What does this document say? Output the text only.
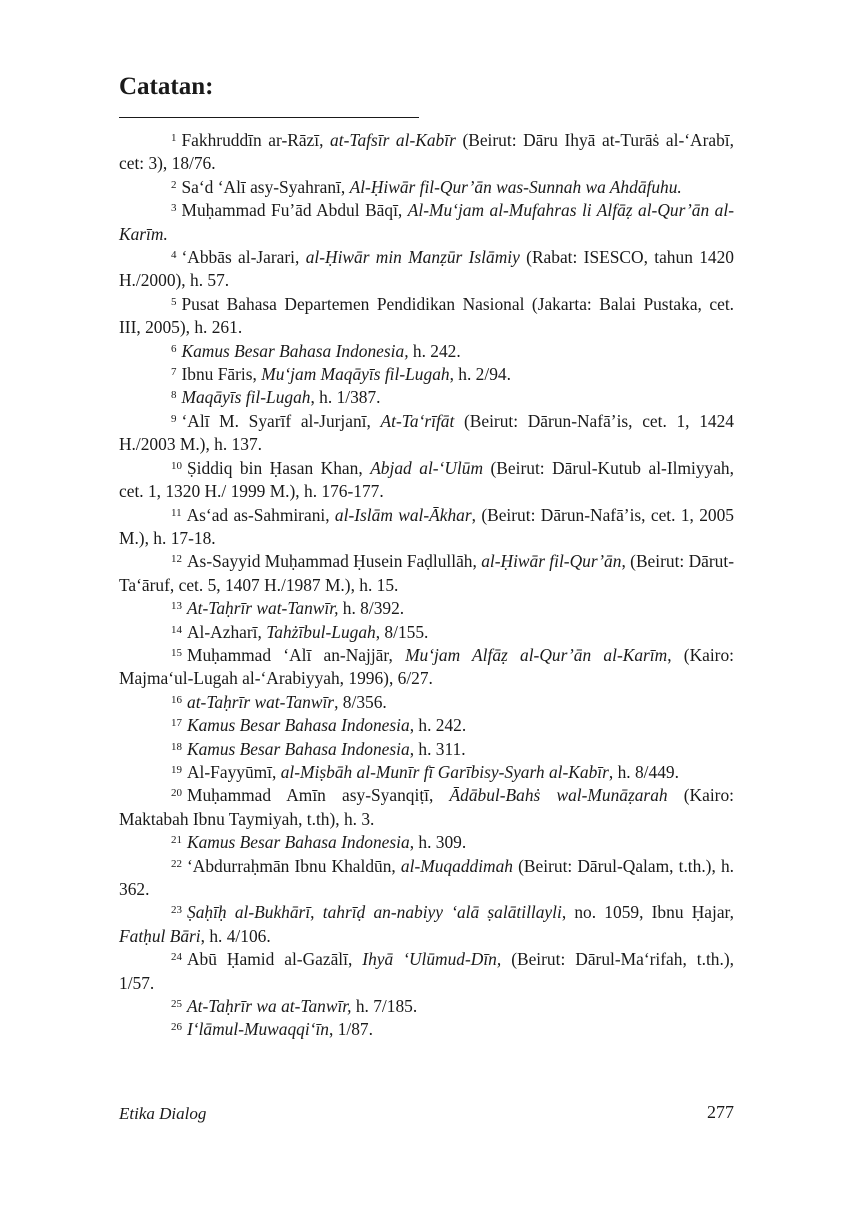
Catatan:

$^1$ Fakhruddīn ar-Rāzī, at-Tafsīr al-Kabīr (Beirut: Dāru Ihyā at-Turāṡ al-‘Arabī, cet: 3), 18/76.

$^2$ Sa‘d ‘Alī asy-Syahranī, Al-Ḥiwār fil-Qur’ān was-Sunnah wa Ahdāfuhu.

$^3$ Muḥammad Fu’ād Abdul Bāqī, Al-Mu‘jam al-Mufahras li Alfāẓ al-Qur’ān al-Karīm.

$^4$ ‘Abbās al-Jarari, al-Ḥiwār min Manẓūr Islāmiy (Rabat: ISESCO, tahun 1420 H./2000), h. 57.

$^5$ Pusat Bahasa Departemen Pendidikan Nasional (Jakarta: Balai Pustaka, cet. III, 2005), h. 261.

$^6$ Kamus Besar Bahasa Indonesia, h. 242.

$^7$ Ibnu Fāris, Mu‘jam Maqāyīs fil-Lugah, h. 2/94.

$^8$ Maqāyīs fil-Lugah, h. 1/387.

$^9$ ‘Alī M. Syarīf al-Jurjanī, At-Ta‘rīfāt (Beirut: Dārun-Nafā’is, cet. 1, 1424 H./2003 M.), h. 137.

$^{10}$ Ṣiddiq bin Ḥasan Khan, Abjad al-‘Ulūm (Beirut: Dārul-Kutub al-Ilmiyyah, cet. 1, 1320 H./ 1999 M.), h. 176-177.

$^{11}$ As‘ad as-Sahmirani, al-Islām wal-Ākhar, (Beirut: Dārun-Nafā’is, cet. 1, 2005 M.), h. 17-18.

$^{12}$ As-Sayyid Muḥammad Ḥusein Faḍlullāh, al-Ḥiwār fil-Qur’ān, (Beirut: Dārut-Ta‘āruf, cet. 5, 1407 H./1987 M.), h. 15.

$^{13}$ At-Taḥrīr wat-Tanwīr, h. 8/392.

$^{14}$ Al-Azharī, Tahżībul-Lugah, 8/155.

$^{15}$ Muḥammad ‘Alī an-Najjār, Mu‘jam Alfāẓ al-Qur’ān al-Karīm, (Kairo: Majma‘ul-Lugah al-‘Arabiyyah, 1996), 6/27.

$^{16}$ at-Taḥrīr wat-Tanwīr, 8/356.

$^{17}$ Kamus Besar Bahasa Indonesia, h. 242.

$^{18}$ Kamus Besar Bahasa Indonesia, h. 311.

$^{19}$ Al-Fayyūmī, al-Miṣbāh al-Munīr fī Garībisy-Syarh al-Kabīr, h. 8/449.

$^{20}$ Muḥammad Amīn asy-Syanqiṭī, Ādābul-Bahṡ wal-Munāẓarah (Kairo: Maktabah Ibnu Taymiyah, t.th), h. 3.

$^{21}$ Kamus Besar Bahasa Indonesia, h. 309.

$^{22}$ ‘Abdurraḥmān Ibnu Khaldūn, al-Muqaddimah (Beirut: Dārul-Qalam, t.th.), h. 362.

$^{23}$ Ṣaḥīḥ al-Bukhārī, tahrīḍ an-nabiyy ‘alā ṣalātillayli, no. 1059, Ibnu Ḥajar, Fatḥul Bāri, h. 4/106.

$^{24}$ Abū Ḥamid al-Gazālī, Ihyā ‘Ulūmud-Dīn, (Beirut: Dārul-Ma‘rifah, t.th.), 1/57.

$^{25}$ At-Taḥrīr wa at-Tanwīr, h. 7/185.

$^{26}$ I‘lāmul-Muwaqqi‘īn, 1/87.

Etika Dialog	277
